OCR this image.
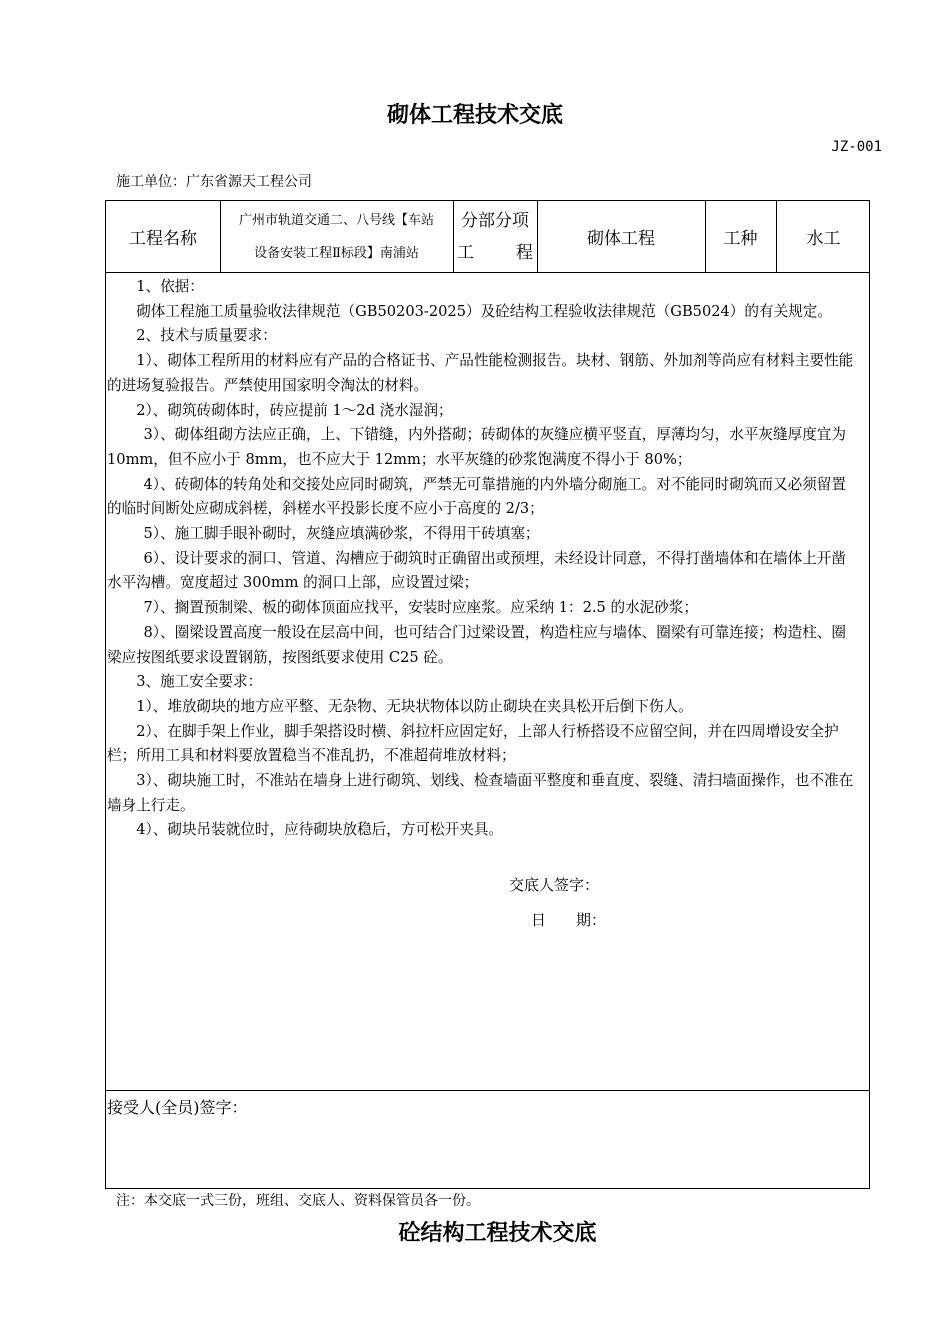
砌体工程技术交底
JZ-001
施工单位：广东省源天工程公司
工程名称
广州市轨道交通二、八号线【车站
设备安装工程Ⅱ标段】南浦站
分部分项
工 程
砌体工程	工种	水工

1、依据：

砌体工程施工质量验收法律规范（GB50203-2025）及砼结构工程验收法律规范（GB5024）的有关规定。

2、技术与质量要求：

1）、砌体工程所用的材料应有产品的合格证书、产品性能检测报告。块材、钢筋、外加剂等尚应有材料主要性能的进场复验报告。严禁使用国家明令淘汰的材料。

2）、砌筑砖砌体时，砖应提前 1～2d 浇水湿润；

3）、砌体组砌方法应正确，上、下错缝，内外搭砌；砖砌体的灰缝应横平竖直，厚薄均匀，水平灰缝厚度宜为 10mm，但不应小于 8mm，也不应大于 12mm；水平灰缝的砂浆饱满度不得小于 80%；

4）、砖砌体的转角处和交接处应同时砌筑，严禁无可靠措施的内外墙分砌施工。对不能同时砌筑而又必须留置的临时间断处应砌成斜槎，斜槎水平投影长度不应小于高度的 2/3；

5）、施工脚手眼补砌时，灰缝应填满砂浆，不得用干砖填塞；

6）、设计要求的洞口、管道、沟槽应于砌筑时正确留出或预埋，未经设计同意，不得打凿墙体和在墙体上开凿水平沟槽。宽度超过 300mm 的洞口上部，应设置过梁；

7）、搁置预制梁、板的砌体顶面应找平，安装时应座浆。应采纳 1：2.5 的水泥砂浆；

8）、圈梁设置高度一般设在层高中间，也可结合门过梁设置，构造柱应与墙体、圈梁有可靠连接；构造柱、圈梁应按图纸要求设置钢筋，按图纸要求使用 C25 砼。

3、施工安全要求：

1）、堆放砌块的地方应平整、无杂物、无块状物体以防止砌块在夹具松开后倒下伤人。

2）、在脚手架上作业，脚手架搭设时横、斜拉杆应固定好，上部人行桥搭设不应留空间，并在四周增设安全护栏；所用工具和材料要放置稳当不准乱扔，不准超荷堆放材料；

3）、砌块施工时，不准站在墙身上进行砌筑、划线、检查墙面平整度和垂直度、裂缝、清扫墙面操作，也不准在墙身上行走。

4）、砌块吊装就位时，应待砌块放稳后，方可松开夹具。

交底人签字：
日　　期：
接受人(全员)签字：
注：本交底一式三份，班组、交底人、资料保管员各一份。
砼结构工程技术交底
